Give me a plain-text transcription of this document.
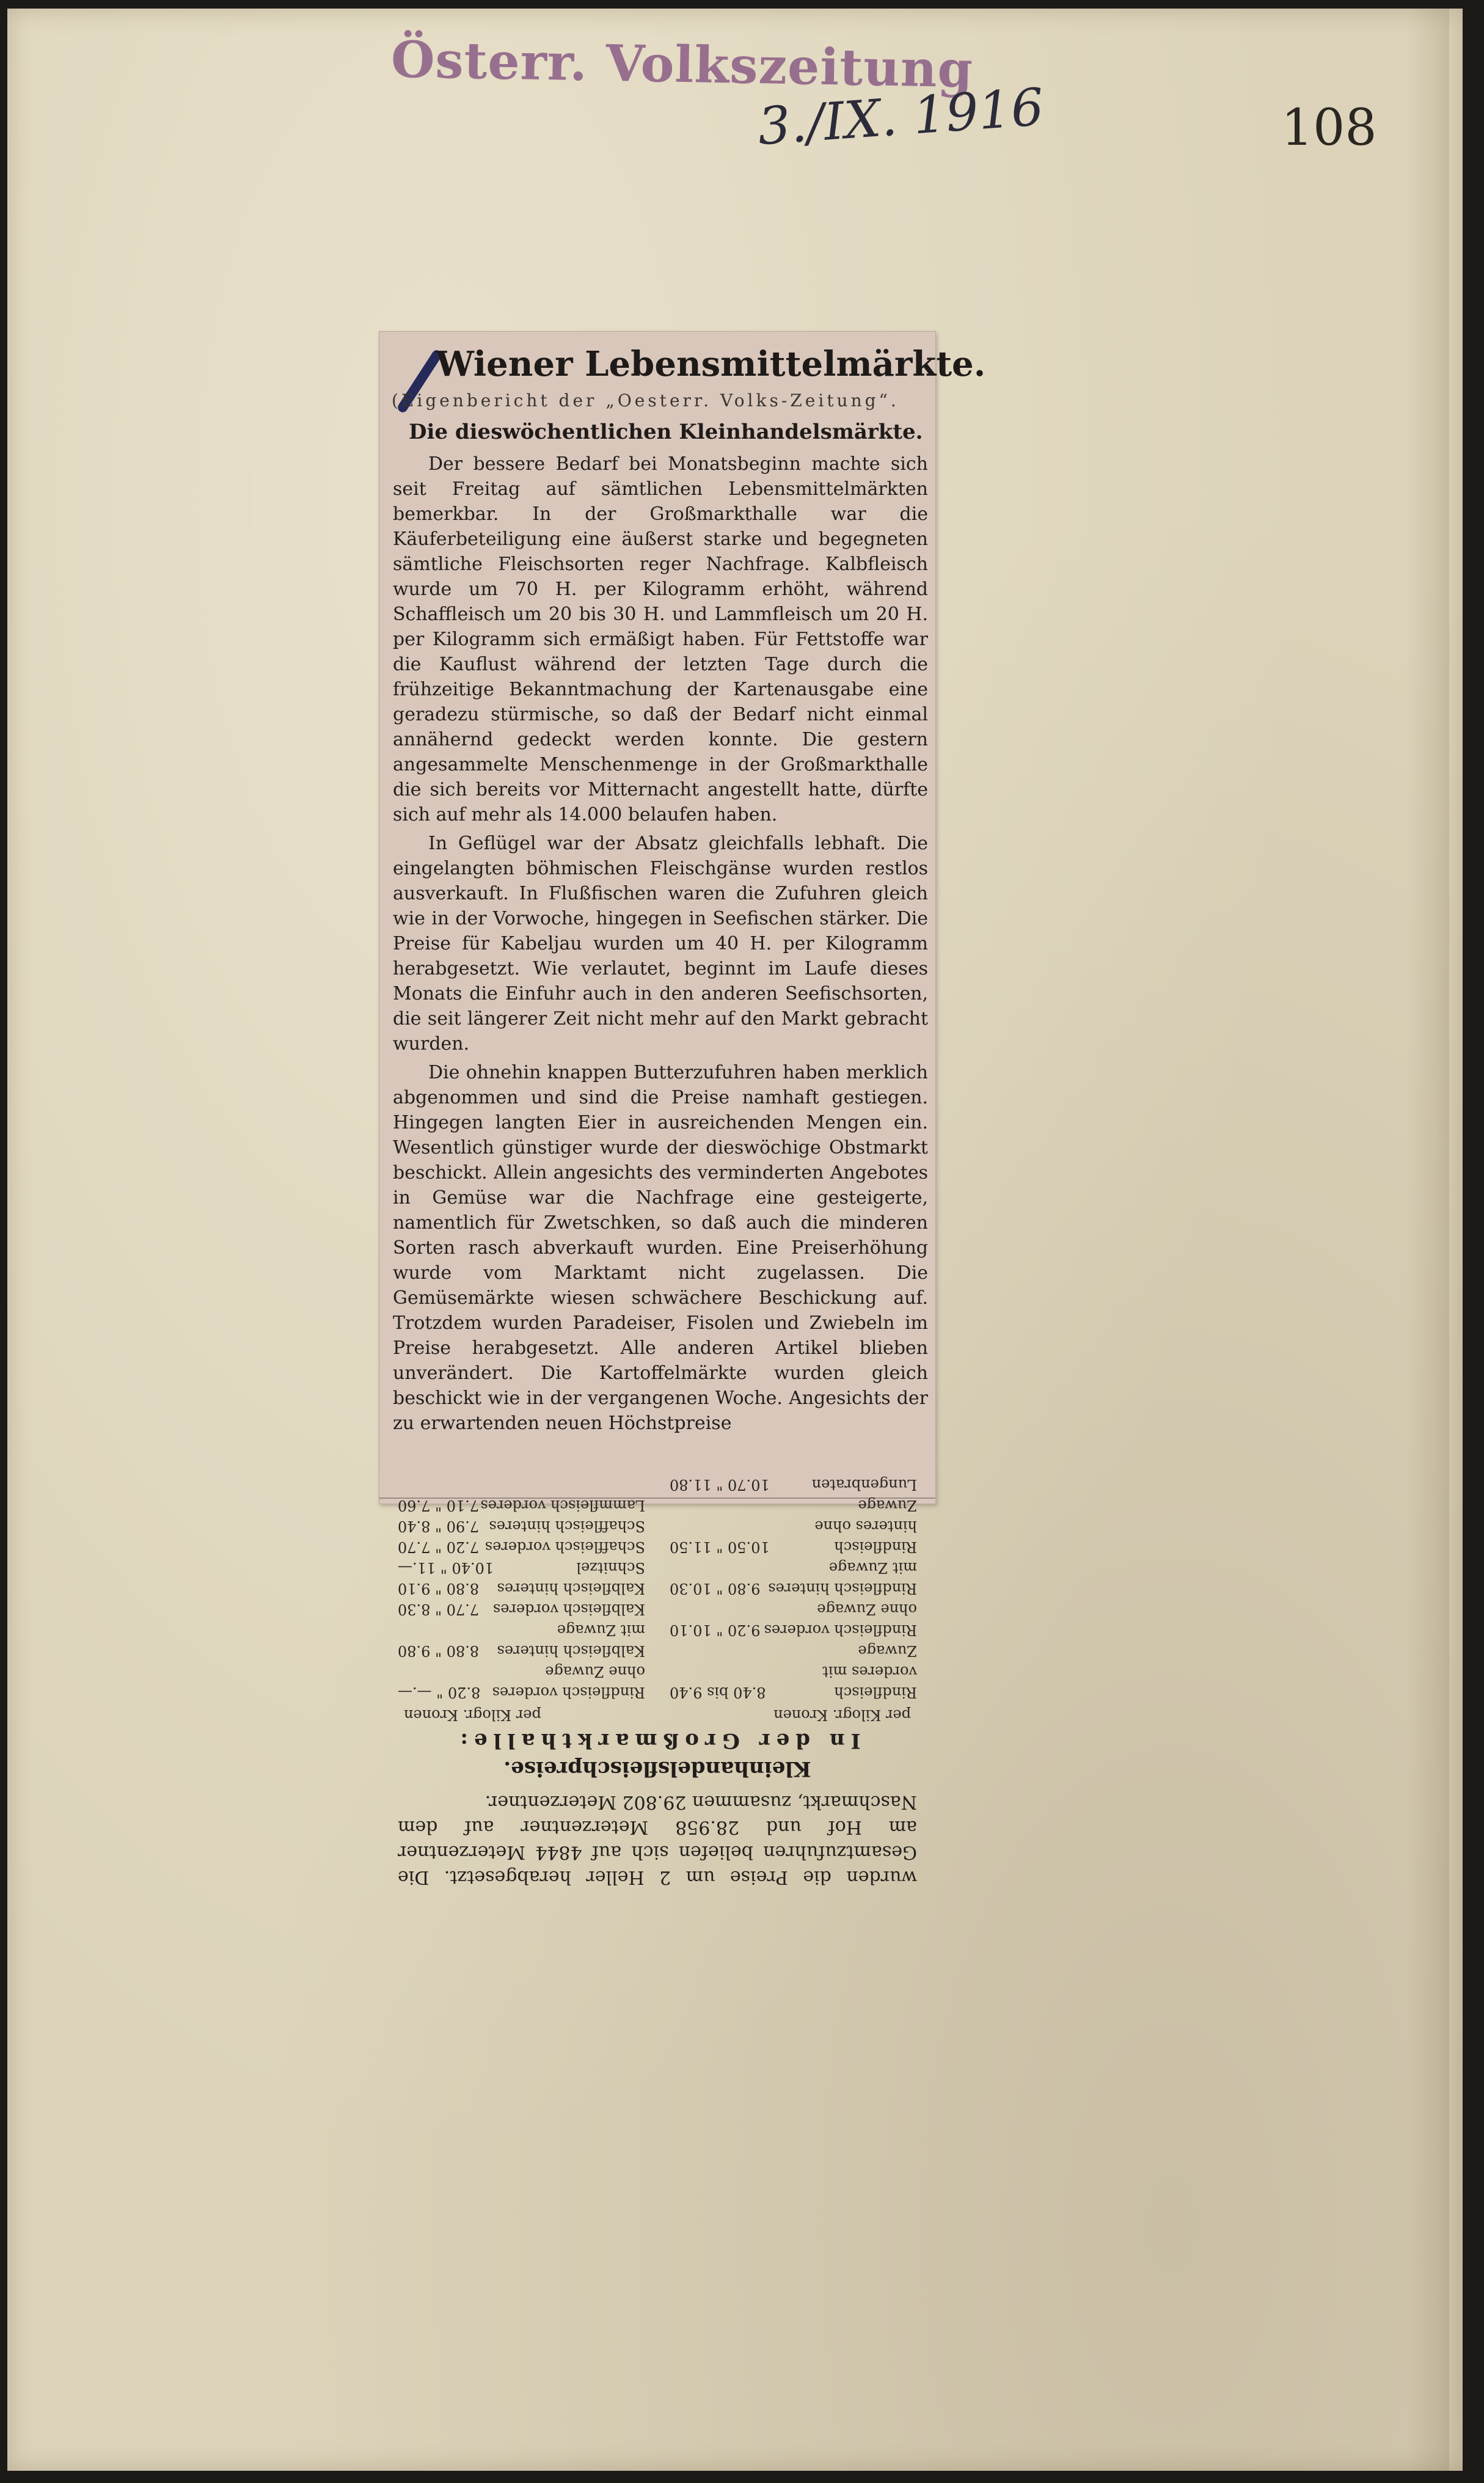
Österr. Volkszeitung
3./IX. 1916	108
Wiener Lebensmittelmärkte.
(Eigenbericht der „Oesterr. Volks-Zeitung“.
Die dieswöchentlichen Kleinhandelsmärkte.

Der bessere Bedarf bei Monatsbeginn machte sich seit Freitag auf sämtlichen Lebensmittelmärkten bemerkbar. In der Großmarkthalle war die Käuferbeteiligung eine äußerst starke und begegneten sämtliche Fleischsorten reger Nachfrage. Kalbfleisch wurde um 70 H. per Kilogramm erhöht, während Schaffleisch um 20 bis 30 H. und Lammfleisch um 20 H. per Kilogramm sich ermäßigt haben. Für Fettstoffe war die Kauflust während der letzten Tage durch die frühzeitige Bekanntmachung der Kartenausgabe eine geradezu stürmische, so daß der Bedarf nicht einmal annähernd gedeckt werden konnte. Die gestern angesammelte Menschenmenge in der Großmarkthalle die sich bereits vor Mitternacht angestellt hatte, dürfte sich auf mehr als 14.000 belaufen haben.

In Geflügel war der Absatz gleichfalls lebhaft. Die eingelangten böhmischen Fleischgänse wurden restlos ausverkauft. In Flußfischen waren die Zufuhren gleich wie in der Vorwoche, hingegen in Seefischen stärker. Die Preise für Kabeljau wurden um 40 H. per Kilogramm herabgesetzt. Wie verlautet, beginnt im Laufe dieses Monats die Einfuhr auch in den anderen Seefischsorten, die seit längerer Zeit nicht mehr auf den Markt gebracht wurden.

Die ohnehin knappen Butterzufuhren haben merklich abgenommen und sind die Preise namhaft gestiegen. Hingegen langten Eier in ausreichenden Mengen ein. Wesentlich günstiger wurde der dieswöchige Obstmarkt beschickt. Allein angesichts des verminderten Angebotes in Gemüse war die Nachfrage eine gesteigerte, namentlich für Zwetschken, so daß auch die minderen Sorten rasch abverkauft wurden. Eine Preiserhöhung wurde vom Marktamt nicht zugelassen. Die Gemüsemärkte wiesen schwächere Beschickung auf. Trotzdem wurden Paradeiser, Fisolen und Zwiebeln im Preise herabgesetzt. Alle anderen Artikel blieben unverändert. Die Kartoffelmärkte wurden gleich beschickt wie in der vergangenen Woche. Angesichts der zu erwartenden neuen Höchstpreise

wurden die Preise um 2 Heller herabgesetzt. Die Gesamtzufuhren beliefen sich auf 4844 Meterzentner am Hof und 28.958 Meterzentner auf dem Naschmarkt, zusammen 29.802 Meterzentner.
Kleinhandelsfleischpreise.
In der Großmarkthalle:
per Kilogr. Kronen
per Kilogr. Kronen
Rindfleisch vorderes mit Zuwage
8.40 bis 9.40
Rindfleisch vorderes ohne Zuwage
9.20 " 10.10
Rindfleisch hinteres mit Zuwage
9.80 " 10.30
Rindfleisch hinteres ohne Zuwage
10.50 " 11.50
Lungenbraten
10.70 " 11.80
Rindfleisch vorderes ohne Zuwage
8.20 " —.—
Kalbfleisch hinteres mit Zuwage
8.80 " 9.80
Kalbfleisch vorderes
7.70 " 8.30
Kalbfleisch hinteres
8.80 " 9.10
Schnitzel
10.40 " 11.—
Schaffleisch vorderes
7.20 " 7.70
Schaffleisch hinteres
7.90 " 8.40
Lammfleisch vorderes
7.10 " 7.60
